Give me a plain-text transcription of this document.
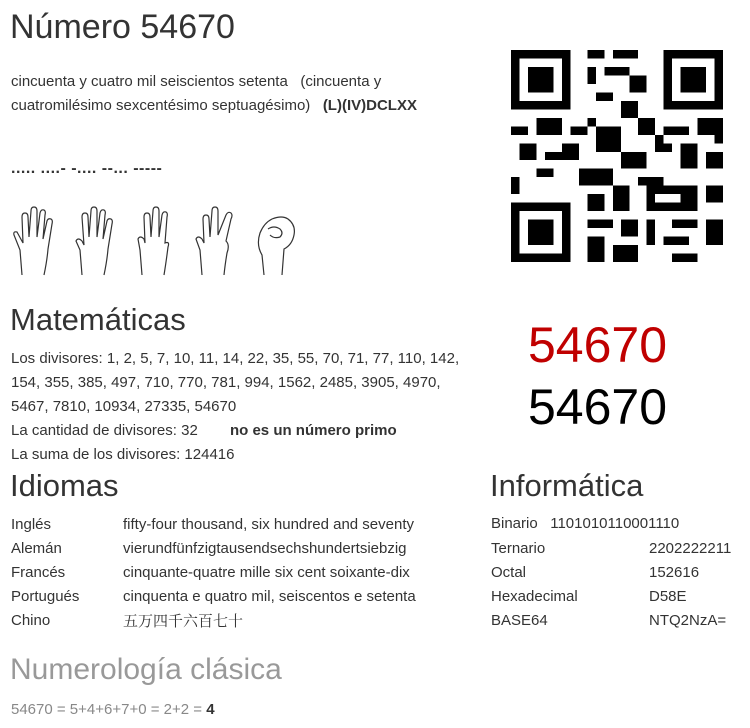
Número 54670
cincuenta y cuatro mil seiscientos setenta (cincuenta y cuatromilésimo sexcentésimo septuagésimo) (L)(IV)DCLXX
..... ....- -.... --... -----
Matemáticas
Los divisores: 1, 2, 5, 7, 10, 11, 14, 22, 35, 55, 70, 71, 77, 110, 142, 154, 355, 385, 497, 710, 770, 781, 994, 1562, 2485, 3905, 4970, 5467, 7810, 10934, 27335, 54670
La cantidad de divisores: 32 no es un número primo
La suma de los divisores: 124416
54670
54670
Idiomas
Inglés	fifty-four thousand, six hundred and seventy
Alemán	vierundfünfzigtausendsechshundertsiebzig
Francés	cinquante-quatre mille six cent soixante-dix
Portugués	cinquenta e quatro mil, seiscentos e setenta
Chino	五万四千六百七十
Informática
Binario 1101010110001110
Ternario	2202222211
Octal	152616
Hexadecimal	D58E
BASE64	NTQ2NzA=
Numerología clásica
54670 = 5+4+6+7+0 = 2+2 = 4
